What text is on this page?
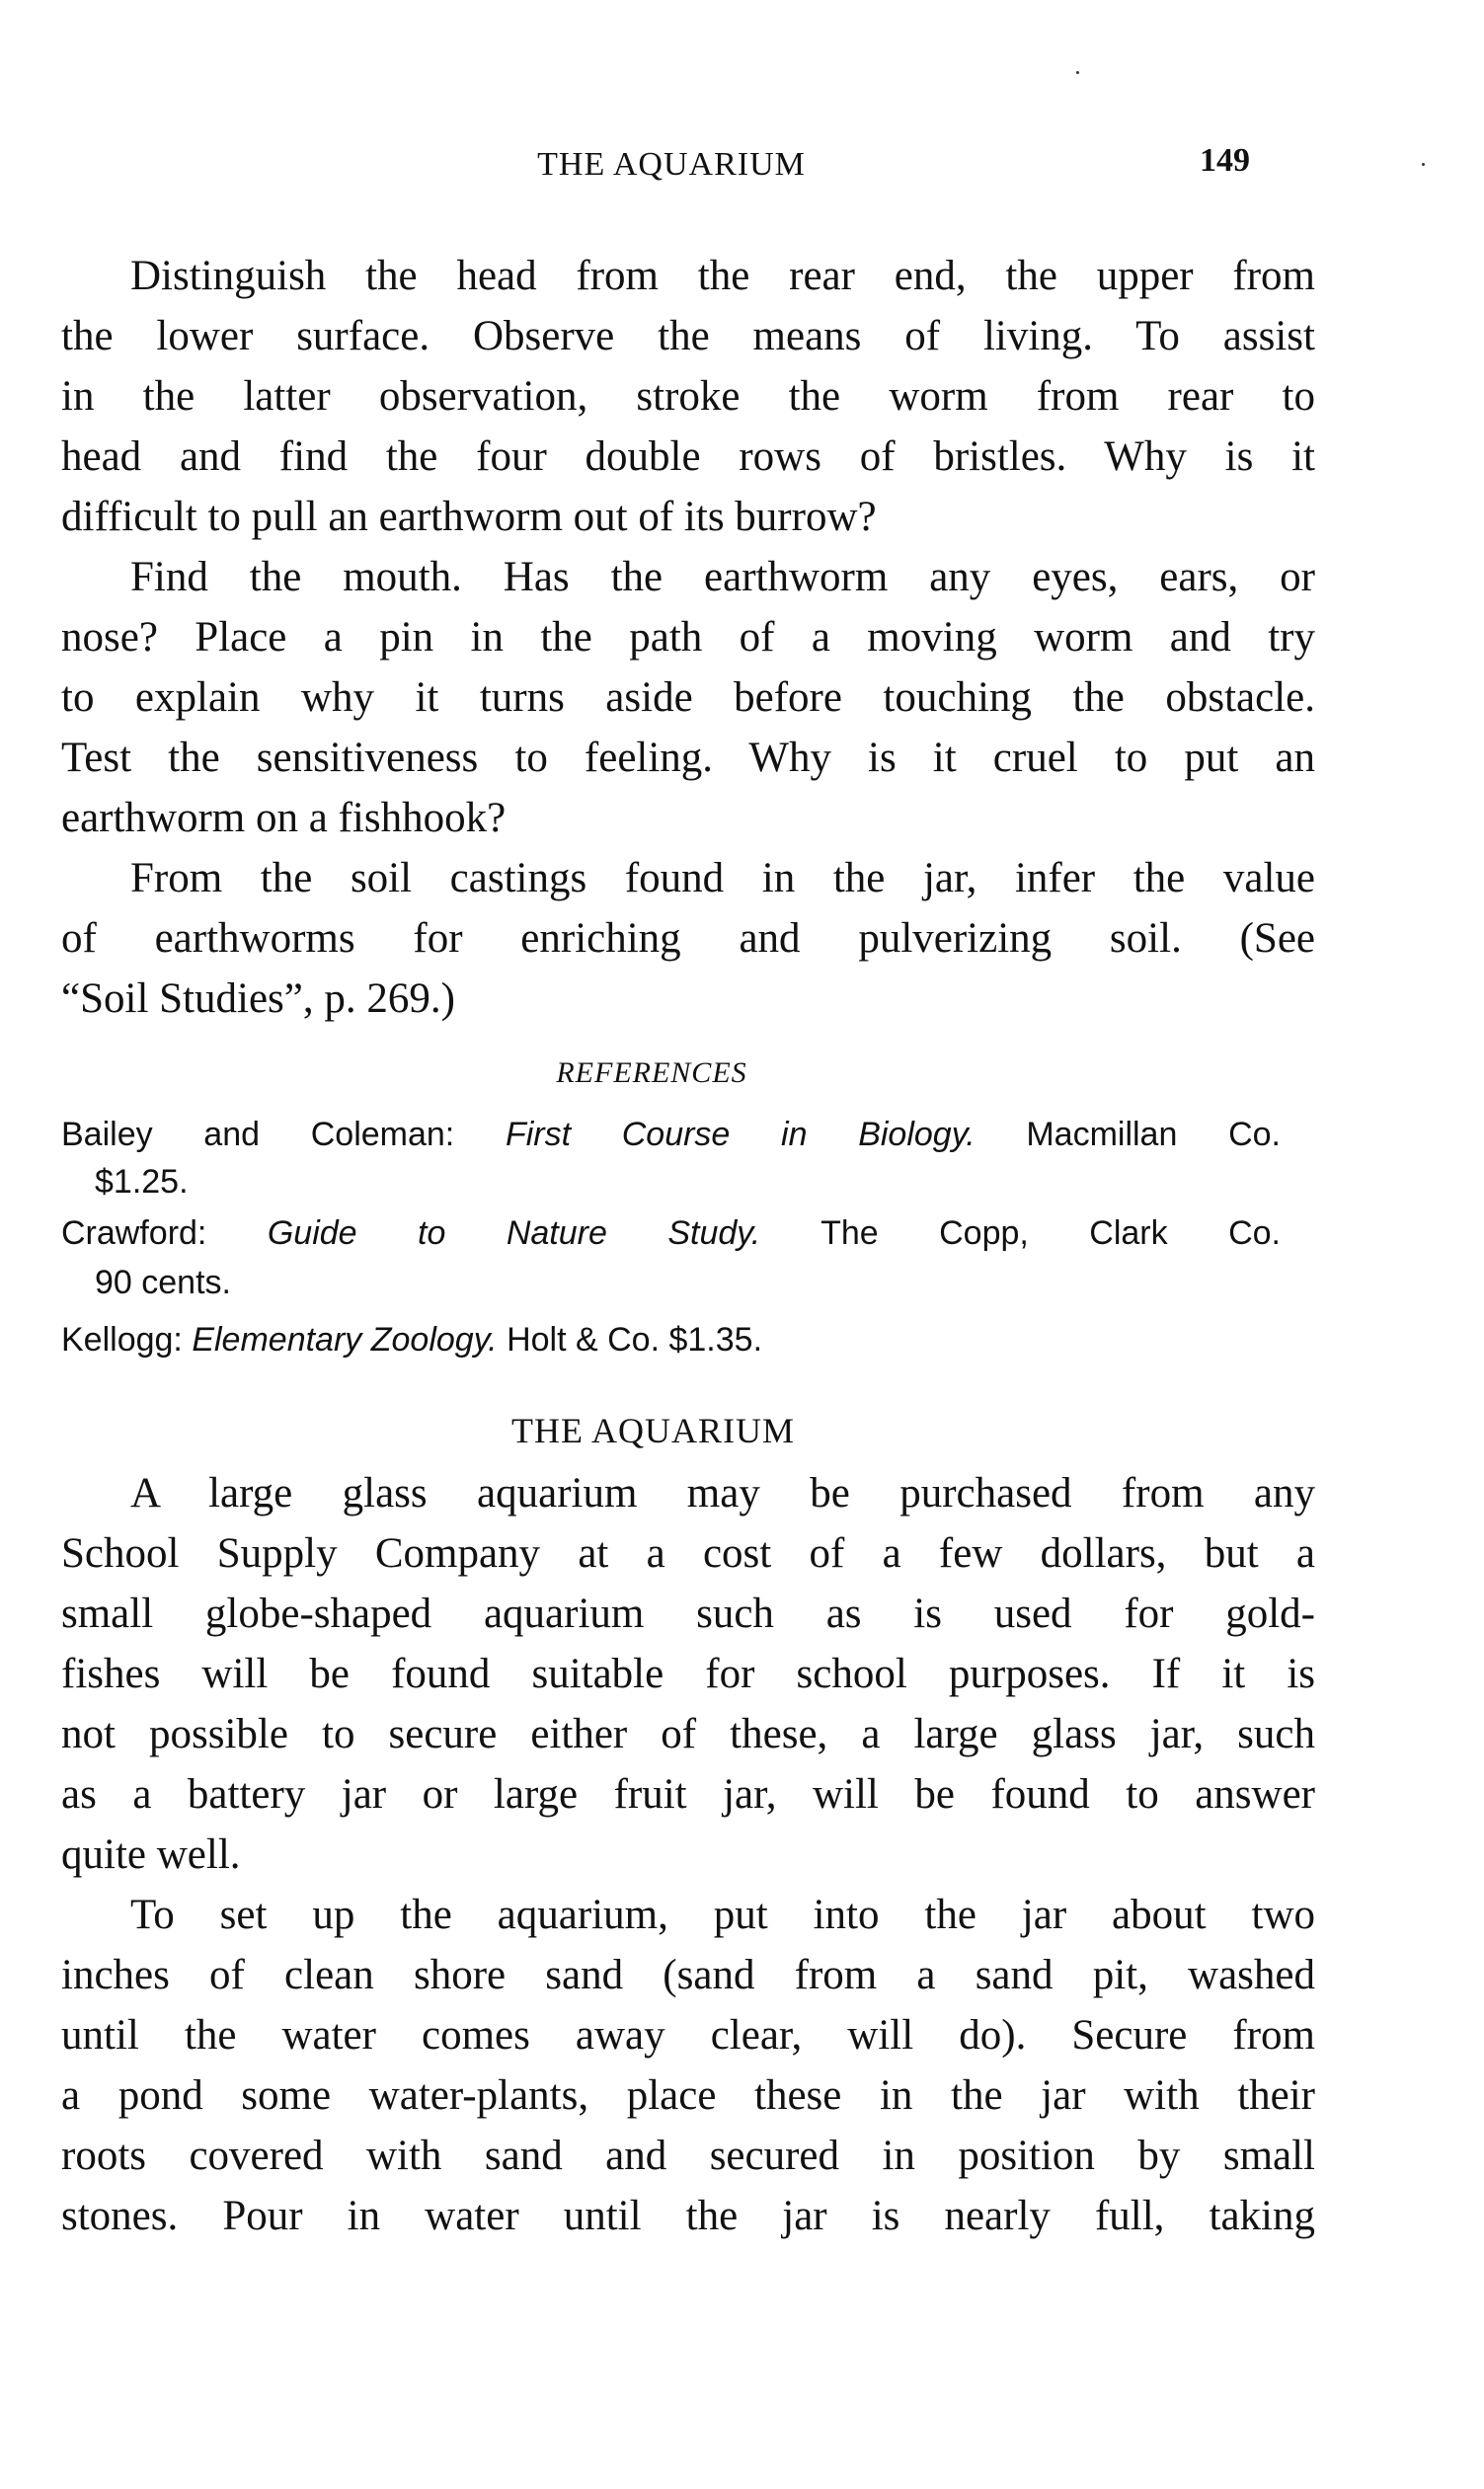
THE AQUARIUM	149
Distinguish the head from the rear end, the upper from
the lower surface. Observe the means of living. To assist
in the latter observation, stroke the worm from rear to
head and find the four double rows of bristles. Why is it
difficult to pull an earthworm out of its burrow?
Find the mouth. Has the earthworm any eyes, ears, or
nose? Place a pin in the path of a moving worm and try
to explain why it turns aside before touching the obstacle.
Test the sensitiveness to feeling. Why is it cruel to put an
earthworm on a fishhook?
From the soil castings found in the jar, infer the value
of earthworms for enriching and pulverizing soil. (See
“Soil Studies”, p. 269.)
REFERENCES
Bailey and Coleman: First Course in Biology. Macmillan Co.
$1.25.
Crawford: Guide to Nature Study. The Copp, Clark Co.
90 cents.
Kellogg: Elementary Zoology. Holt & Co. $1.35.
THE AQUARIUM
A large glass aquarium may be purchased from any
School Supply Company at a cost of a few dollars, but a
small globe-shaped aquarium such as is used for gold-
fishes will be found suitable for school purposes. If it is
not possible to secure either of these, a large glass jar, such
as a battery jar or large fruit jar, will be found to answer
quite well.
To set up the aquarium, put into the jar about two
inches of clean shore sand (sand from a sand pit, washed
until the water comes away clear, will do). Secure from
a pond some water-plants, place these in the jar with their
roots covered with sand and secured in position by small
stones. Pour in water until the jar is nearly full, taking
